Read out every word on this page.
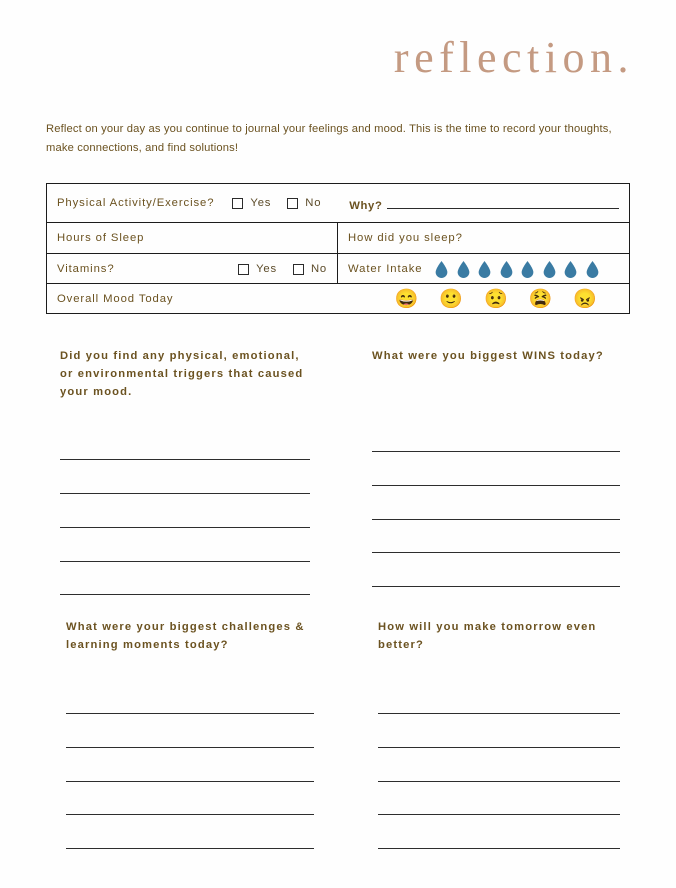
reflection.
Reflect on your day as you continue to journal your feelings and mood. This is the time to record your thoughts, make connections, and find solutions!
Physical Activity/Exercise?	Yes	No Why?
Hours of Sleep	How did you sleep?
Vitamins?	Yes	No Water Intake
Overall Mood Today	😄 🙂 😟 😫 😠
Did you find any physical, emotional, or environmental triggers that caused your mood.
What were you biggest WINS today?
What were your biggest challenges & learning moments today?
How will you make tomorrow even better?
